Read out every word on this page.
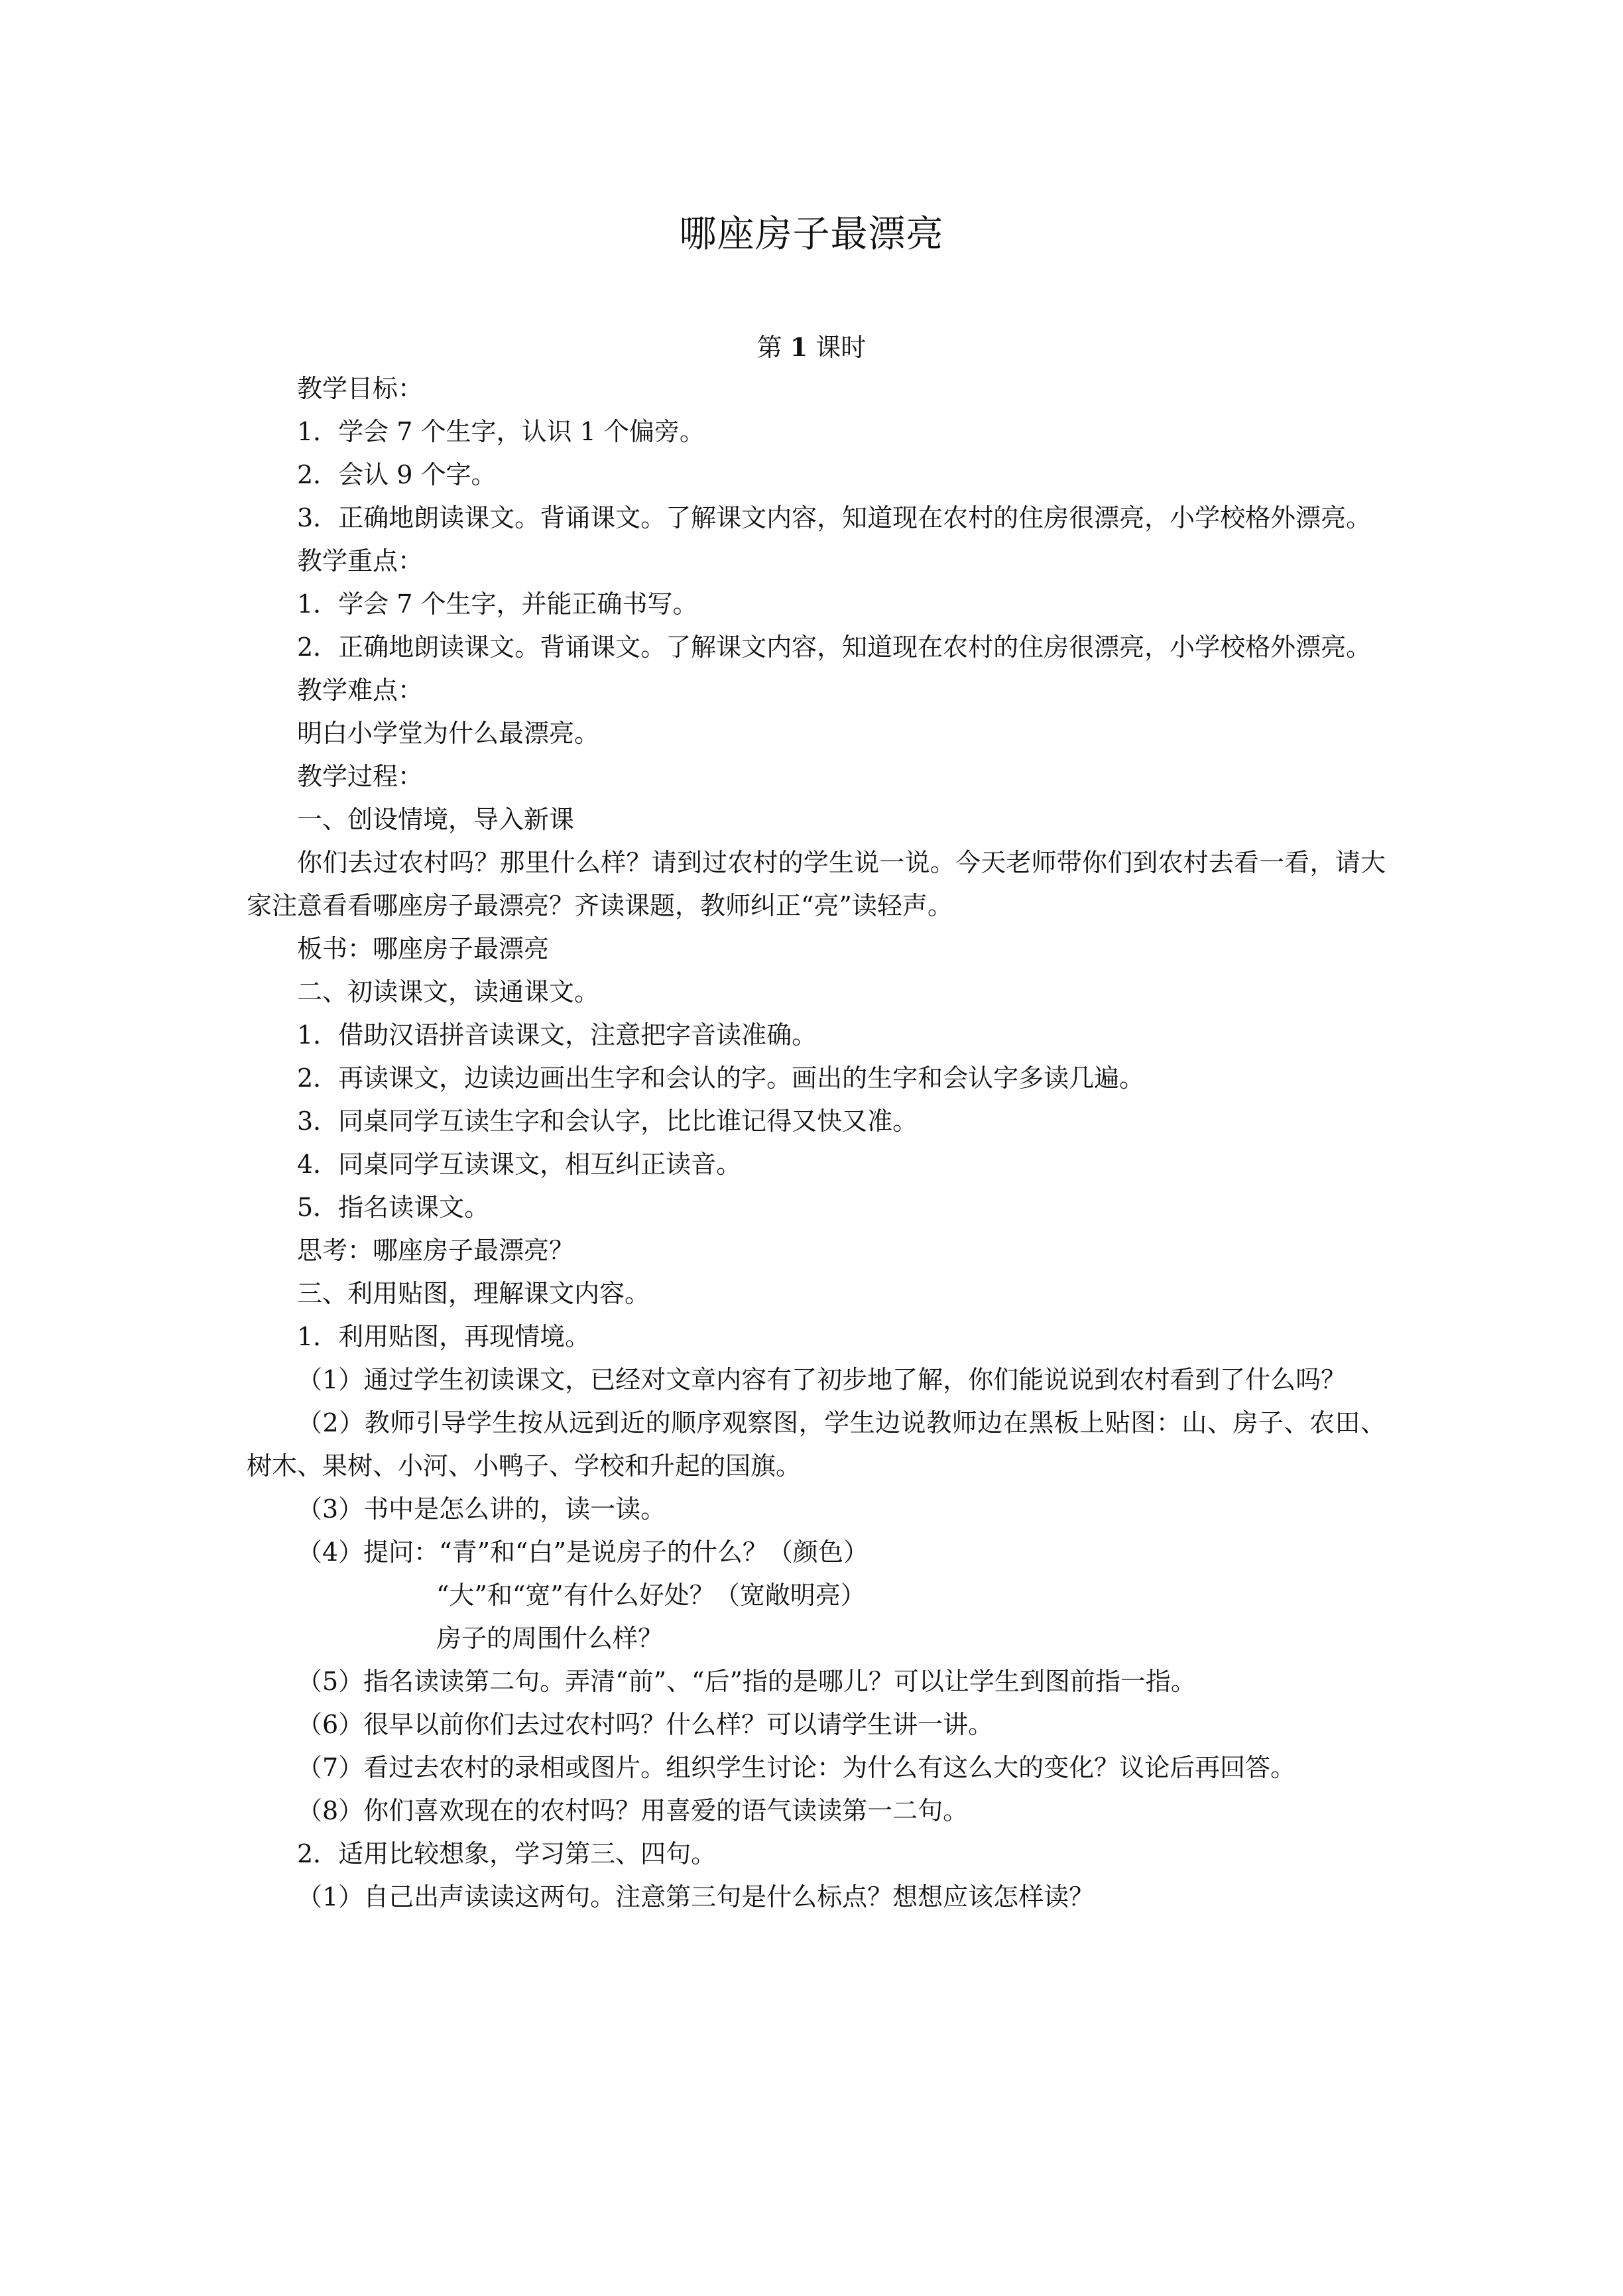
哪座房子最漂亮
第 1 课时

教学目标：

1．学会 7 个生字，认识 1 个偏旁。

2．会认 9 个字。

3．正确地朗读课文。背诵课文。了解课文内容，知道现在农村的住房很漂亮，小学校格外漂亮。

教学重点：

1．学会 7 个生字，并能正确书写。

2．正确地朗读课文。背诵课文。了解课文内容，知道现在农村的住房很漂亮，小学校格外漂亮。

教学难点：

明白小学堂为什么最漂亮。

教学过程：

一、创设情境，导入新课

你们去过农村吗？那里什么样？请到过农村的学生说一说。今天老师带你们到农村去看一看，请大家注意看看哪座房子最漂亮？齐读课题，教师纠正“亮”读轻声。

板书：哪座房子最漂亮

二、初读课文，读通课文。

1．借助汉语拼音读课文，注意把字音读准确。

2．再读课文，边读边画出生字和会认的字。画出的生字和会认字多读几遍。

3．同桌同学互读生字和会认字，比比谁记得又快又准。

4．同桌同学互读课文，相互纠正读音。

5．指名读课文。

思考：哪座房子最漂亮？

三、利用贴图，理解课文内容。

1．利用贴图，再现情境。

（1）通过学生初读课文，已经对文章内容有了初步地了解，你们能说说到农村看到了什么吗？

（2）教师引导学生按从远到近的顺序观察图，学生边说教师边在黑板上贴图：山、房子、农田、树木、果树、小河、小鸭子、学校和升起的国旗。

（3）书中是怎么讲的，读一读。

（4）提问：“青”和“白”是说房子的什么？（颜色）

“大”和“宽”有什么好处？（宽敞明亮）

房子的周围什么样？

（5）指名读读第二句。弄清“前”、“后”指的是哪儿？可以让学生到图前指一指。

（6）很早以前你们去过农村吗？什么样？可以请学生讲一讲。

（7）看过去农村的录相或图片。组织学生讨论：为什么有这么大的变化？议论后再回答。

（8）你们喜欢现在的农村吗？用喜爱的语气读读第一二句。

2．适用比较想象，学习第三、四句。

（1）自己出声读读这两句。注意第三句是什么标点？想想应该怎样读？
